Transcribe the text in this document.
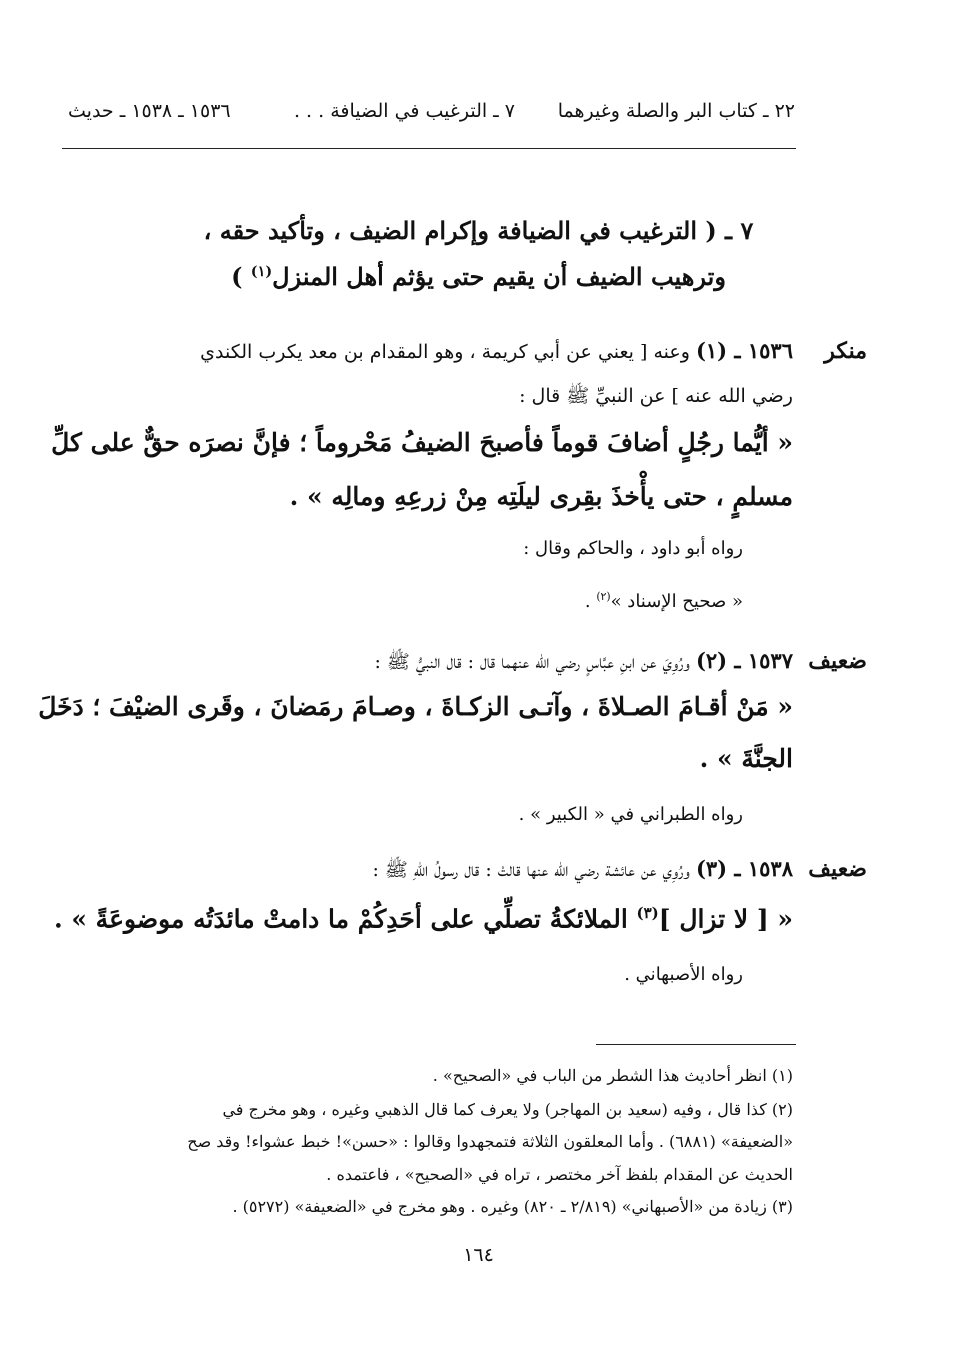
٢٢ ـ كتاب البر والصلة وغيرهما
٧ ـ الترغيب في الضيافة . . .
١٥٣٦ ـ ١٥٣٨ ـ حديث
٧ ـ ( الترغيب في الضيافة وإكرام الضيف ، وتأكيد حقه ،
وترهيب الضيف أن يقيم حتى يؤثم أهل المنزل$^{(١)}$ )
منكر
١٥٣٦ ـ (١) وعنه [ يعني عن أبي كريمة ، وهو المقدام بن معد يكرب الكندي
رضي الله عنه ] عن النبيِّ ﷺ قال :
« أيُّما رجُلٍ أضافَ قوماً فأصبحَ الضيفُ مَحْروماً ؛ فإنَّ نصرَه حقٌّ على كلِّ
مسلمٍ ، حتى يأْخذَ بقِرى ليلَتِه مِنْ زرعِهِ ومالِه » .
رواه أبو داود ، والحاكم وقال :
« صحيح الإسناد »$^{(٢)}$ .
ضعيف
١٥٣٧ ـ (٢) ورُوِيَ عن ابنِ عبَّاسٍ رضي الله عنهما قال : قال النبيُّ ﷺ :
« مَنْ أقـامَ الصـلاةَ ، وآتـى الزكـاةَ ، وصـامَ رمَضانَ ، وقَرى الضيْفَ ؛ دَخَلَ
الجنَّةَ » .
رواه الطبراني في « الكبير » .
ضعيف
١٥٣٨ ـ (٣) ورُوِي عن عائشة رضي الله عنها قالتْ : قال رسولُ اللهِ ﷺ :
« [ لا تزال ]$^{(٣)}$ الملائكةُ تصلِّي على أحَدِكُمْ ما دامتْ مائدَتُه موضوعَةً » .
رواه الأصبهاني .
(١) انظر أحاديث هذا الشطر من الباب في «الصحيح» .
(٢) كذا قال ، وفيه (سعيد بن المهاجر) ولا يعرف كما قال الذهبي وغيره ، وهو مخرج في
«الضعيفة» (٦٨٨١) . وأما المعلقون الثلاثة فتمجهدوا وقالوا : «حسن»! خبط عشواء! وقد صح
الحديث عن المقدام بلفظ آخر مختصر ، تراه في «الصحيح» ، فاعتمده .
(٣) زيادة من «الأصبهاني» (٢/٨١٩ ـ ٨٢٠) وغيره . وهو مخرج في «الضعيفة» (٥٢٧٢) .
١٦٤
